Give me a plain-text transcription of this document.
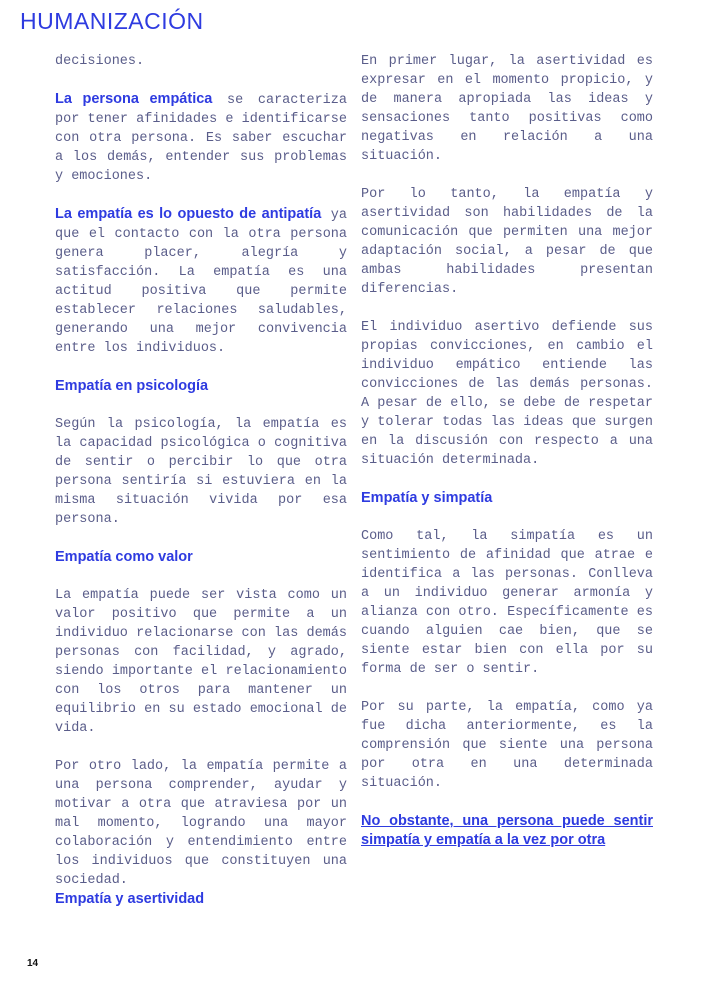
HUMANIZACIÓN

decisiones.

La persona empática se caracteriza por tener afinidades e identificarse con otra persona. Es saber escuchar a los demás, entender sus problemas y emociones.

La empatía es lo opuesto de antipatía ya que el contacto con la otra persona genera placer, alegría y satisfacción. La empatía es una actitud positiva que permite establecer relaciones saludables, generando una mejor convivencia entre los individuos.

Empatía en psicología

Según la psicología, la empatía es la capacidad psicológica o cognitiva de sentir o percibir lo que otra persona sentiría si estuviera en la misma situación vivida por esa persona.

Empatía como valor

La empatía puede ser vista como un valor positivo que permite a un individuo relacionarse con las demás personas con facilidad, y agrado, siendo importante el relacionamiento con los otros para mantener un equilibrio en su estado emocional de vida.

Por otro lado, la empatía permite a una persona comprender, ayudar y motivar a otra que atraviesa por un mal momento, logrando una mayor colaboración y entendimiento entre los individuos que constituyen una sociedad.

Empatía y asertividad

En primer lugar, la asertividad es expresar en el momento propicio, y de manera apropiada las ideas y sensaciones tanto positivas como negativas en relación a una situación.

Por lo tanto, la empatía y asertividad son habilidades de la comunicación que permiten una mejor adaptación social, a pesar de que ambas habilidades presentan diferencias.

El individuo asertivo defiende sus propias convicciones, en cambio el individuo empático entiende las convicciones de las demás personas. A pesar de ello, se debe de respetar y tolerar todas las ideas que surgen en la discusión con respecto a una situación determinada.

Empatía y simpatía

Como tal, la simpatía es un sentimiento de afinidad que atrae e identifica a las personas. Conlleva a un individuo generar armonía y alianza con otro. Específicamente es cuando alguien cae bien, que se siente estar bien con ella por su forma de ser o sentir.

Por su parte, la empatía, como ya fue dicha anteriormente, es la comprensión que siente una persona por otra en una determinada situación.

No obstante, una persona puede sentir simpatía y empatía a la vez por otra
14
